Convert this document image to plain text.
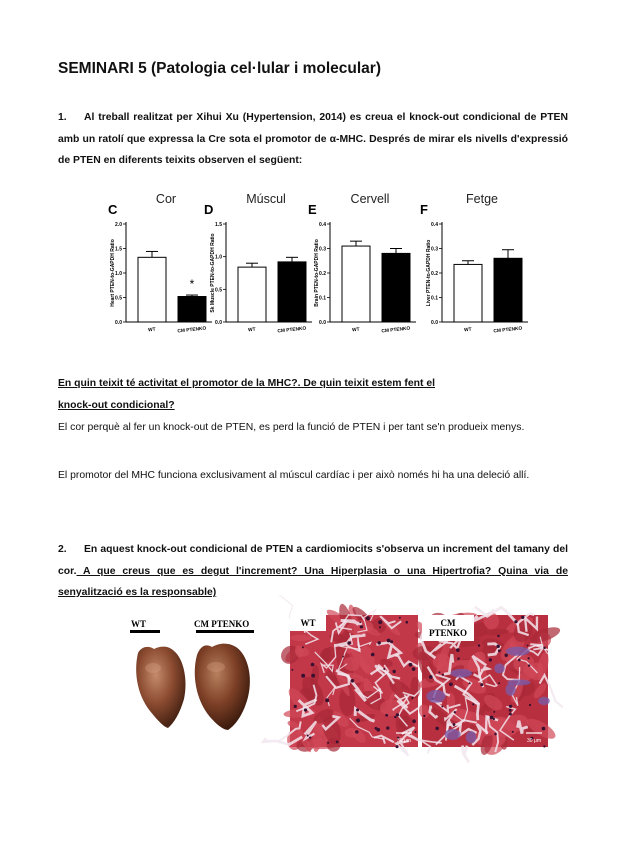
SEMINARI 5 (Patologia cel·lular i molecular)
1. Al treball realitzat per Xihui Xu (Hypertension, 2014) es creua el knock-out condicional de PTEN amb un ratolí que expressa la Cre sota el promotor de α-MHC. Després de mirar els nivells d'expressió de PTEN en diferents teixits observen el següent:
Cor
C
Heart PTEN-to-GAPDH Ratio
0.0
0.5
1.0
1.5
2.0
WT	CM PTENKO
*
Múscul
D
Sk Muscle PTEN-to-GAPDH Ratio
0.0
0.5
1.0
1.5
WT	CM PTENKO
Cervell
E
Brain PTEN-to-GAPDH Ratio
0.0
0.1
0.2
0.3
0.4
WT	CM PTENKO
Fetge
F
Liver PTEN-to-GAPDH Ratio
0.0
0.1
0.2
0.3
0.4
WT	CM PTENKO
En quin teixit té activitat el promotor de la MHC?. De quin teixit estem fent el
knock-out condicional?
El cor perquè al fer un knock-out de PTEN, es perd la funció de PTEN i per tant se'n produeix menys.
El promotor del MHC funciona exclusivament al múscul cardíac i per això només hi ha una deleció allí.
2. En aquest knock-out condicional de PTEN a cardiomiocits s'observa un increment del tamany del cor. A que creus que es degut l'increment? Una Hiperplasia o una Hipertrofia? Quina via de senyalització es la responsable)
WT	CM PTENKO	WT
30 μm
CM
PTENKO
30 μm
